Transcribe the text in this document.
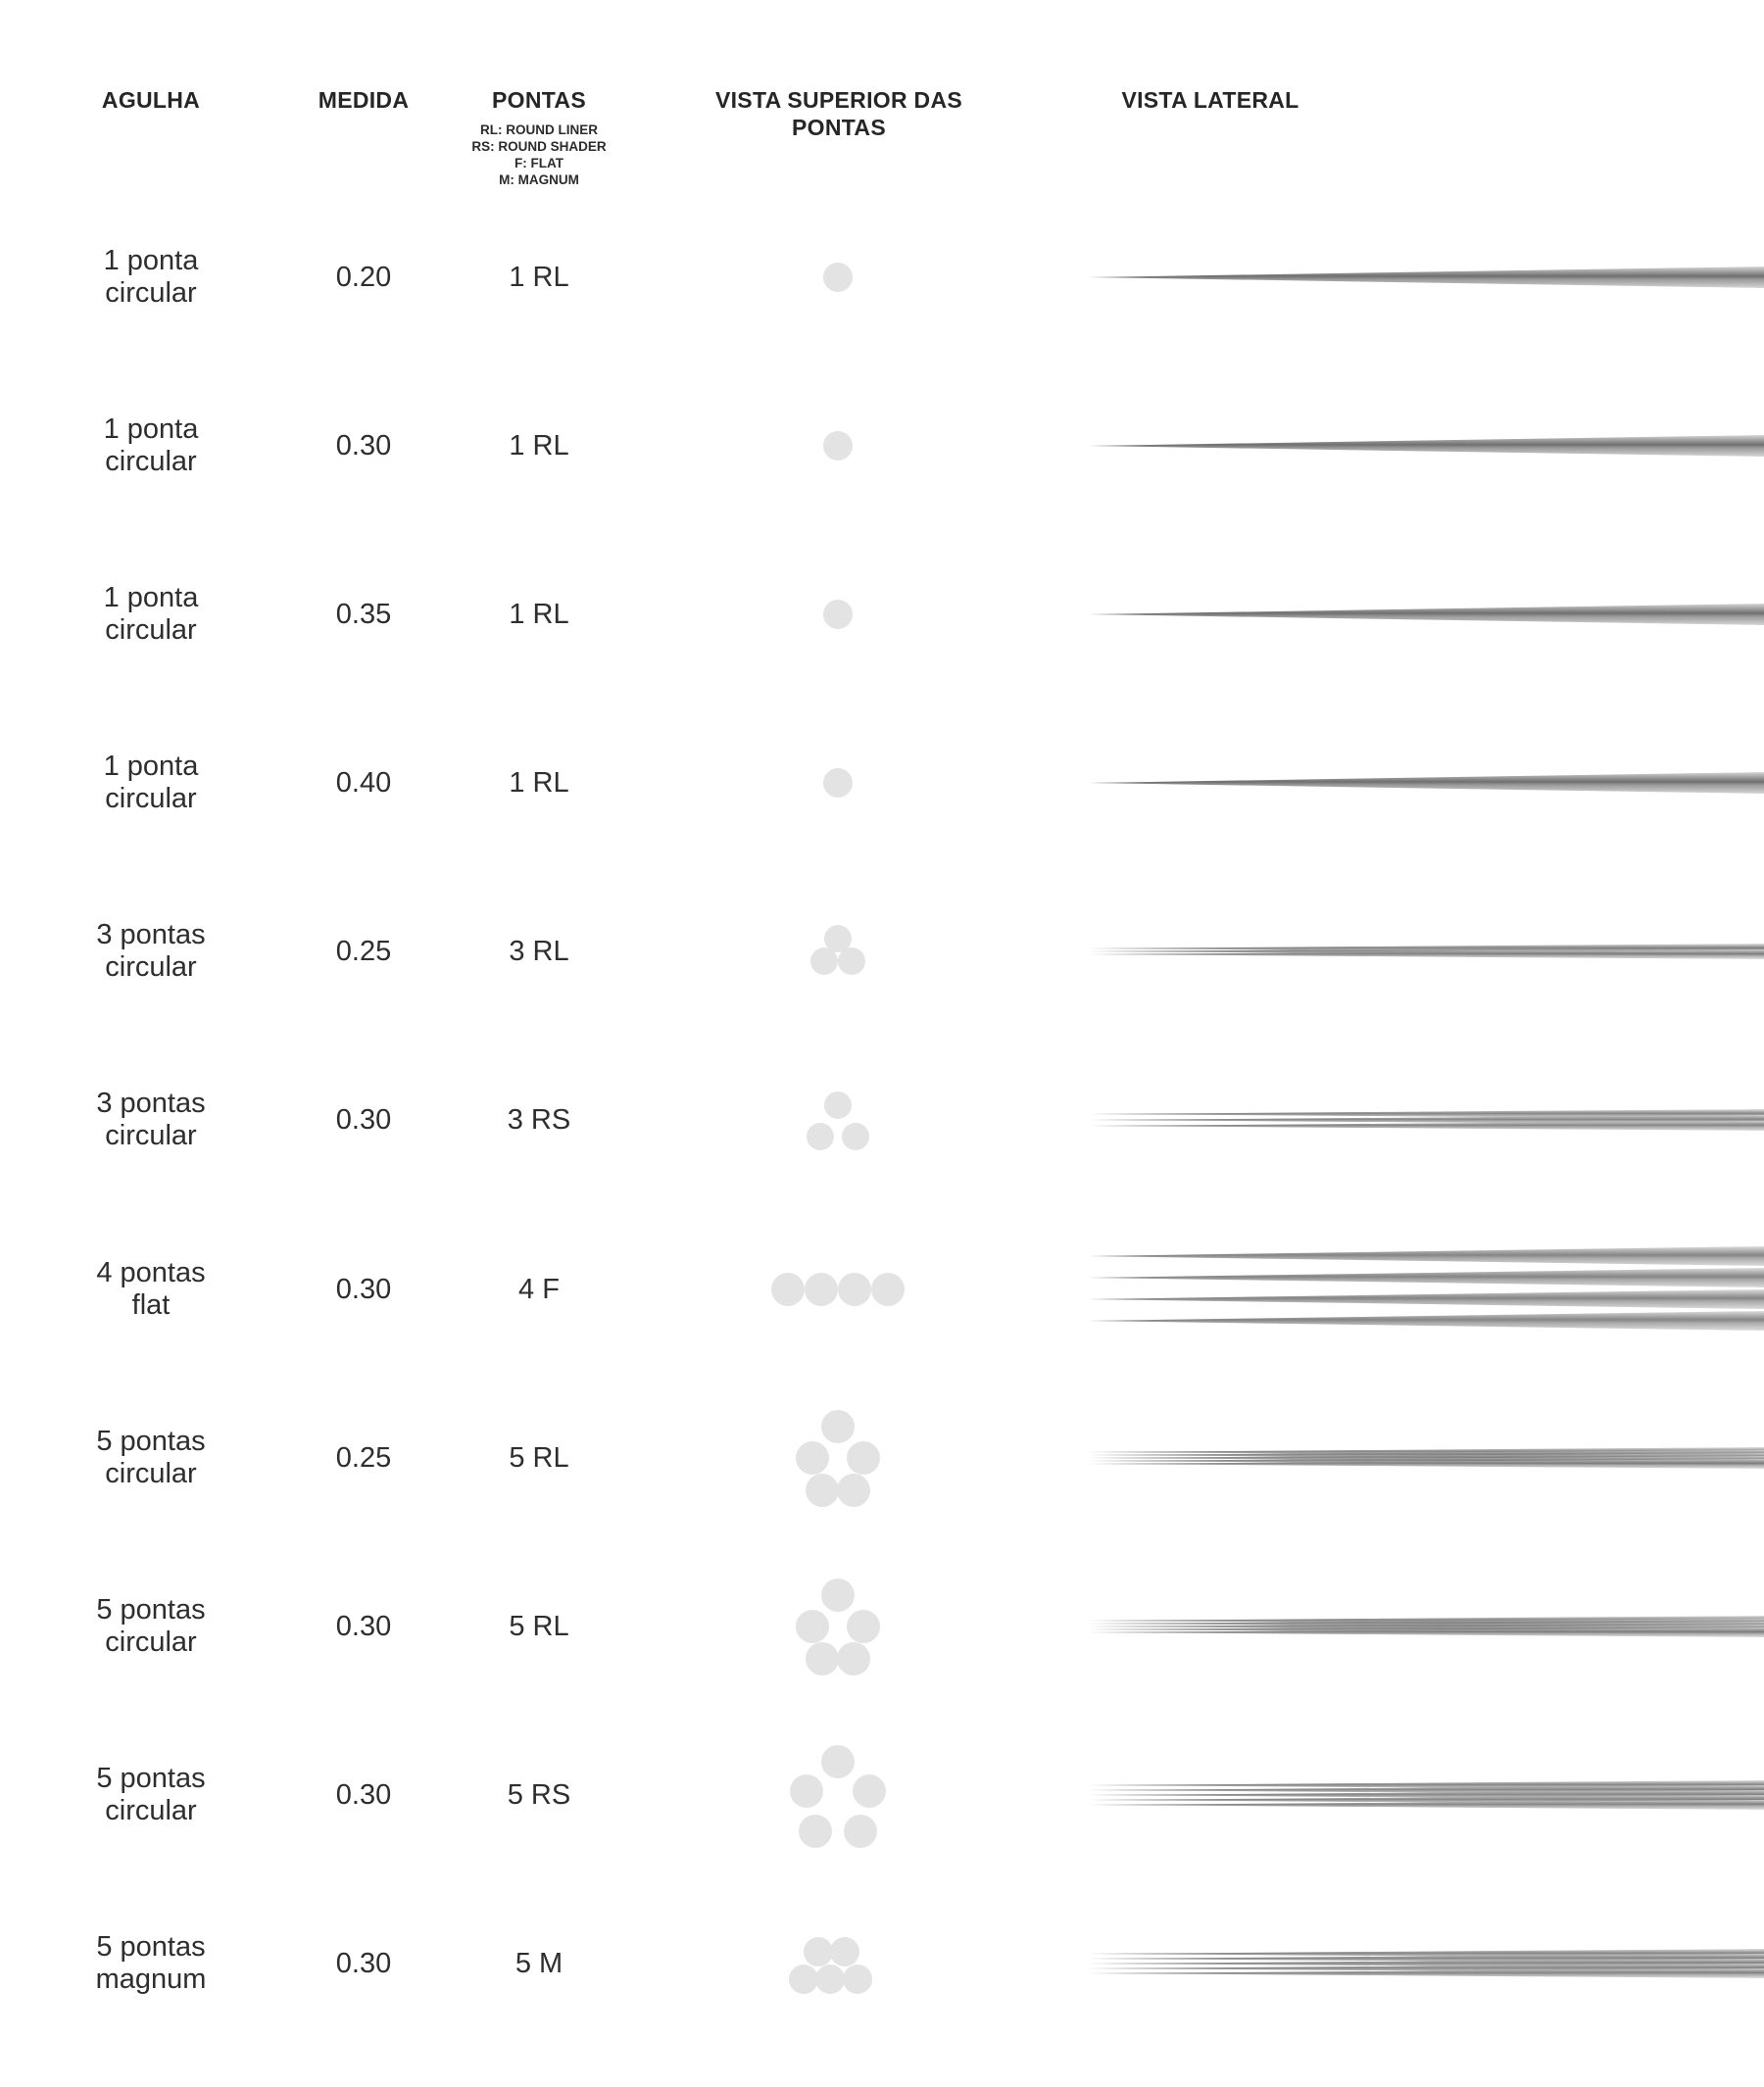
AGULHA	MEDIDA	PONTAS	VISTA SUPERIOR DAS PONTAS
VISTA LATERAL
RL: ROUND LINER
RS: ROUND SHADER
F: FLAT
M: MAGNUM
1 ponta
circular
0.20	1 RL
1 ponta
circular
0.30	1 RL
1 ponta
circular
0.35	1 RL
1 ponta
circular
0.40	1 RL
3 pontas
circular
0.25	3 RL
3 pontas
circular
0.30	3 RS
4 pontas
flat
0.30	4 F
5 pontas
circular
0.25	5 RL
5 pontas
circular
0.30	5 RL
5 pontas
circular
0.30	5 RS
5 pontas
magnum
0.30	5 M
